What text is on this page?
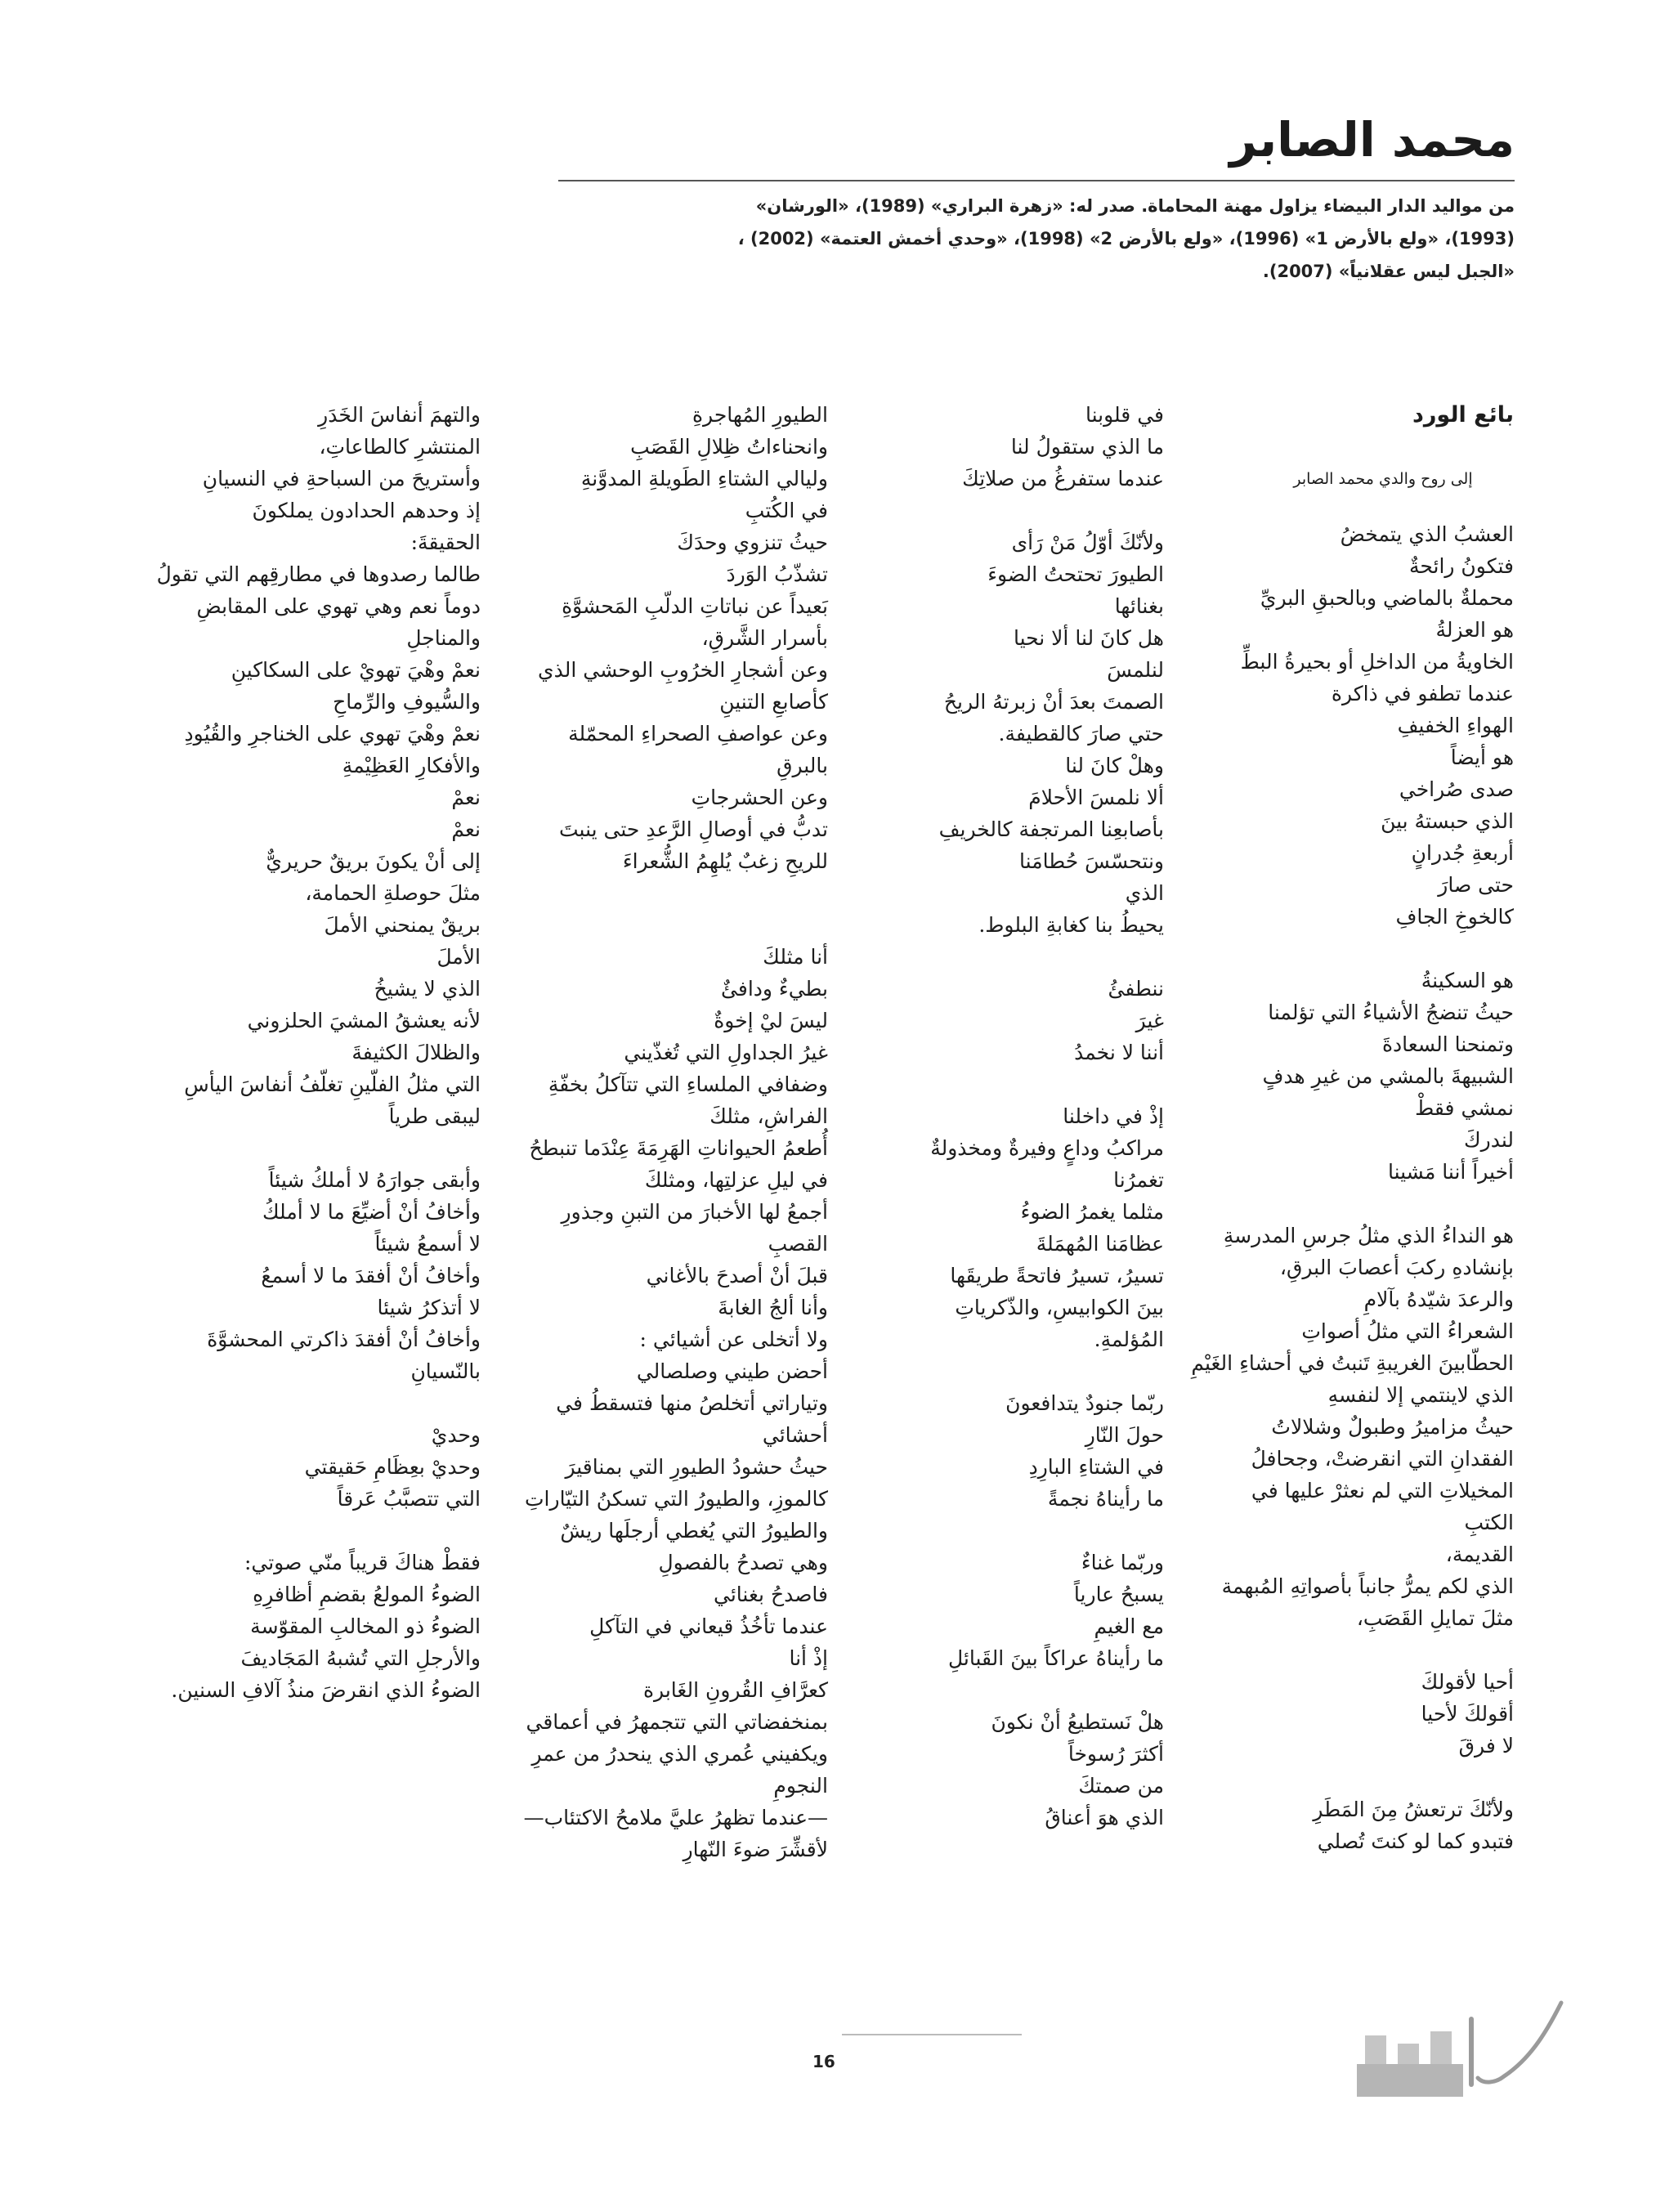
محمد الصابر

من مواليد الدار البيضاء يزاول مهنة المحاماة. صدر له: «زهرة البراري» (1989)، «الورشان»

(1993)، «ولع بالأرض 1» (1996)، «ولع بالأرض 2» (1998)، «وحدي أخمش العتمة» (2002) ،

«الجبل ليس عقلانياً» (2007).

بائع الورد
إلى روح والدي محمد الصابر
العشبُ الذي يتمخضُ
فتكونُ رائحةٌ
محملةٌ بالماضي وبالحبقِ البريِّ
هو العزلةُ
الخاويةُ من الداخلِ أو بحيرةُ البطِّ
عندما تطفو في ذاكرة
الهواءِ الخفيفِ
هو أيضاً
صدى صُراخي
الذي حبستهُ بينَ
أربعةِ جُدرانٍ
حتى صارَ
كالخوخِ الجافِ
هو السكينةُ
حيثُ تنضجُ الأشياءُ التي تؤلمنا
وتمنحنا السعادةَ
الشبيهةَ بالمشي من غيرِ هدفٍ
نمشي فقطْ
لندركَ
أخيراً أننا مَشينا
هو النداءُ الذي مثلُ جرسِ المدرسةِ
بإنشادهِ ركبَ أعصابَ البرقِ،
والرعدَ شيّدهُ بآلامِ
الشعراءُ التي مثلُ أصواتِ
الحطّابينَ الغريبةِ تَنبتُ في أحشاءِ الغَيْمِ
الذي لاينتمي إلا لنفسهِ
حيثُ مزاميرُ وطبولٌ وشلالاتُ
الفقدانِ التي انقرضتْ، وجحافلُ
المخيلاتِ التي لم نعثرْ عليها في
الكتبِ
القديمة،
الذي لكم يمرُّ جانباً بأصواتِهِ المُبهمة
مثلَ تمايلِ القَصَبِ،
أحيا لأقولكَ
أقولكَ لأحيا
لا فرقَ
ولأنّكَ ترتعشُ مِنَ المَطَرِ
فتبدو كما لو كنتَ تُصلي
في قلوبنا
ما الذي ستقولُ لنا
عندما ستفرغُ من صلاتِكَ
ولأنّكَ أوّلُ مَنْ رَأى
الطيورَ تحتحتُ الضوءَ
بغنائها
هل كانَ لنا ألا نحيا
لنلمسَ
الصمتَ بعدَ أنْ زبرتهُ الريحُ
حتي صارَ كالقطيفة.
وهلْ كانَ لنا
ألا نلمسَ الأحلامَ
بأصابعِنا المرتجفة كالخريفِ
ونتحسّسَ حُطامَنا
الذي
يحيطُ بنا كغابةِ البلوط.
ننطفئُ
غيرَ
أننا لا نخمدُ
إذْ في داخلنا
مراكبُ وداعٍ وفيرةٌ ومخذولةٌ
تغمرُنا
مثلما يغمرُ الضوءُ
عظامَنا المُهمَلةَ
تسيرُ، تسيرُ فاتحةً طريقَها
بينَ الكوابيسِ، والذّكرياتِ
المُؤلمةِ.
ربّما جنودٌ يتدافعونَ
حولَ النّارِ
في الشتاءِ البارِدِ
ما رأيناهُ نجمةً
وربّما غناءٌ
يسبحُ عارياً
مع الغيمِ
ما رأيناهُ عراكاً بينَ القَبائلِ
هلْ نَستطيعُ أنْ نكونَ
أكثرَ رُسوخاً
من صمتكَ
الذي هوَ أعناقُ
الطيورِ المُهاجرةِ
وانحناءاتُ ظِلالِ القَصَبِ
وليالي الشتاءِ الطَويلةِ المدوَّنةِ
في الكُتبِ
حيثُ تنزوي وحدَكَ
تشذّبُ الوَردَ
بَعيداً عن نباتاتِ الدلّبِ المَحشوَّةِ
بأسرار الشَّرقِ،
وعن أشجارِ الخرُوبِ الوحشي الذي
كأصابعِ التنينِ
وعن عواصفِ الصحراءِ المحمّلة
بالبرقِ
وعن الحشرجاتِ
تدبُّ في أوصالِ الرَّعدِ حتى ينبتَ
للريحِ زغبٌ يُلهِمُ الشُّعراءَ
أنا مثلكَ
بطيءٌ ودافئٌ
ليسَ ليْ إخوةٌ
غيرُ الجداولِ التي تُغذّيني
وضفافي الملساءِ التي تتآكلُ بخفّةِ
الفراشِ، مثلكَ
أُطعمُ الحيواناتِ الهَرِمَةَ عِنْدَما تنبطحُ
في ليلِ عزلتِها، ومثلكَ
أجمعُ لها الأخبارَ من التبنِ وجذورِ
القصبِ
قبلَ أنْ أصدحَ بالأغاني
وأنا ألجُ الغابةَ
ولا أتخلى عن أشيائي :
أحضن طيني وصلصالي
وتياراتي أتخلصُ منها فتسقطُ في
أحشائي
حيثُ حشودُ الطيورِ التي بمناقيرَ
كالموزِ، والطيورُ التي تسكنُ التيّاراتِ
والطيورُ التي يُغطي أرجلَها ريشٌ
وهي تصدحُ بالفصولِ
فاصدحُ بغنائي
عندما تأخُذُ قيعاني في التآكلِ
إذْ أنا
كعرَّافِ القُرونِ الغَابرة
بمنخفضاتي التي تتجمهرُ في أعماقي
ويكفيني عُمري الذي ينحدرُ من عمرِ
النجومِ
—عندما تظهرُ عليَّ ملامحُ الاكتئاب—
لأقشِّرَ ضوءَ النّهارِ
والتهمَ أنفاسَ الخَدَرِ
المنتشرِ كالطاعاتِ،
وأستريحَ من السباحةِ في النسيانِ
إذ وحدهم الحدادون يملكونَ
الحقيقةَ:
طالما رصدوها في مطارقِهم التي تقولُ
دوماً نعم وهي تهوي على المقابضِ
والمناجلِ
نعمْ وهْيَ تهويْ على السكاكينِ
والسُّيوفِ والرِّماحِ
نعمْ وهْيَ تهوي على الخناجرِ والقُيُودِ
والأفكارِ العَظِيْمةِ
نعمْ
نعمْ
إلى أنْ يكونَ بريقٌ حريريٌّ
مثلَ حوصلةِ الحمامة،
بريقٌ يمنحني الأملَ
الأملَ
الذي لا يشيخُ
لأنه يعشقُ المشيَ الحلزوني
والظلالَ الكثيفةَ
التي مثلُ الفلّينِ تغلّفُ أنفاسَ اليأسِ
ليبقى طرياً
وأبقى جوارَهُ لا أملكُ شيئاً
وأخافُ أنْ أضيِّعَ ما لا أملكُ
لا أسمعُ شيئاً
وأخافُ أنْ أفقدَ ما لا أسمعُ
لا أتذكرُ شيئا
وأخافُ أنْ أفقدَ ذاكرتي المحشوَّةَ
بالنّسيانِ
وحديْ
وحديْ بعِظَامِ حَقيقتي
التي تتصبَّبُ عَرقاً
فقطْ هناكَ قريباً منّي صوتي:
الضوءُ المولعُ بقضمِ أظافرِهِ
الضوءُ ذو المخالبِ المقوّسة
والأرجلِ التي تُشبهُ المَجَاديفَ
الضوءُ الذي انقرضَ منذُ آلافِ السنين.
16
